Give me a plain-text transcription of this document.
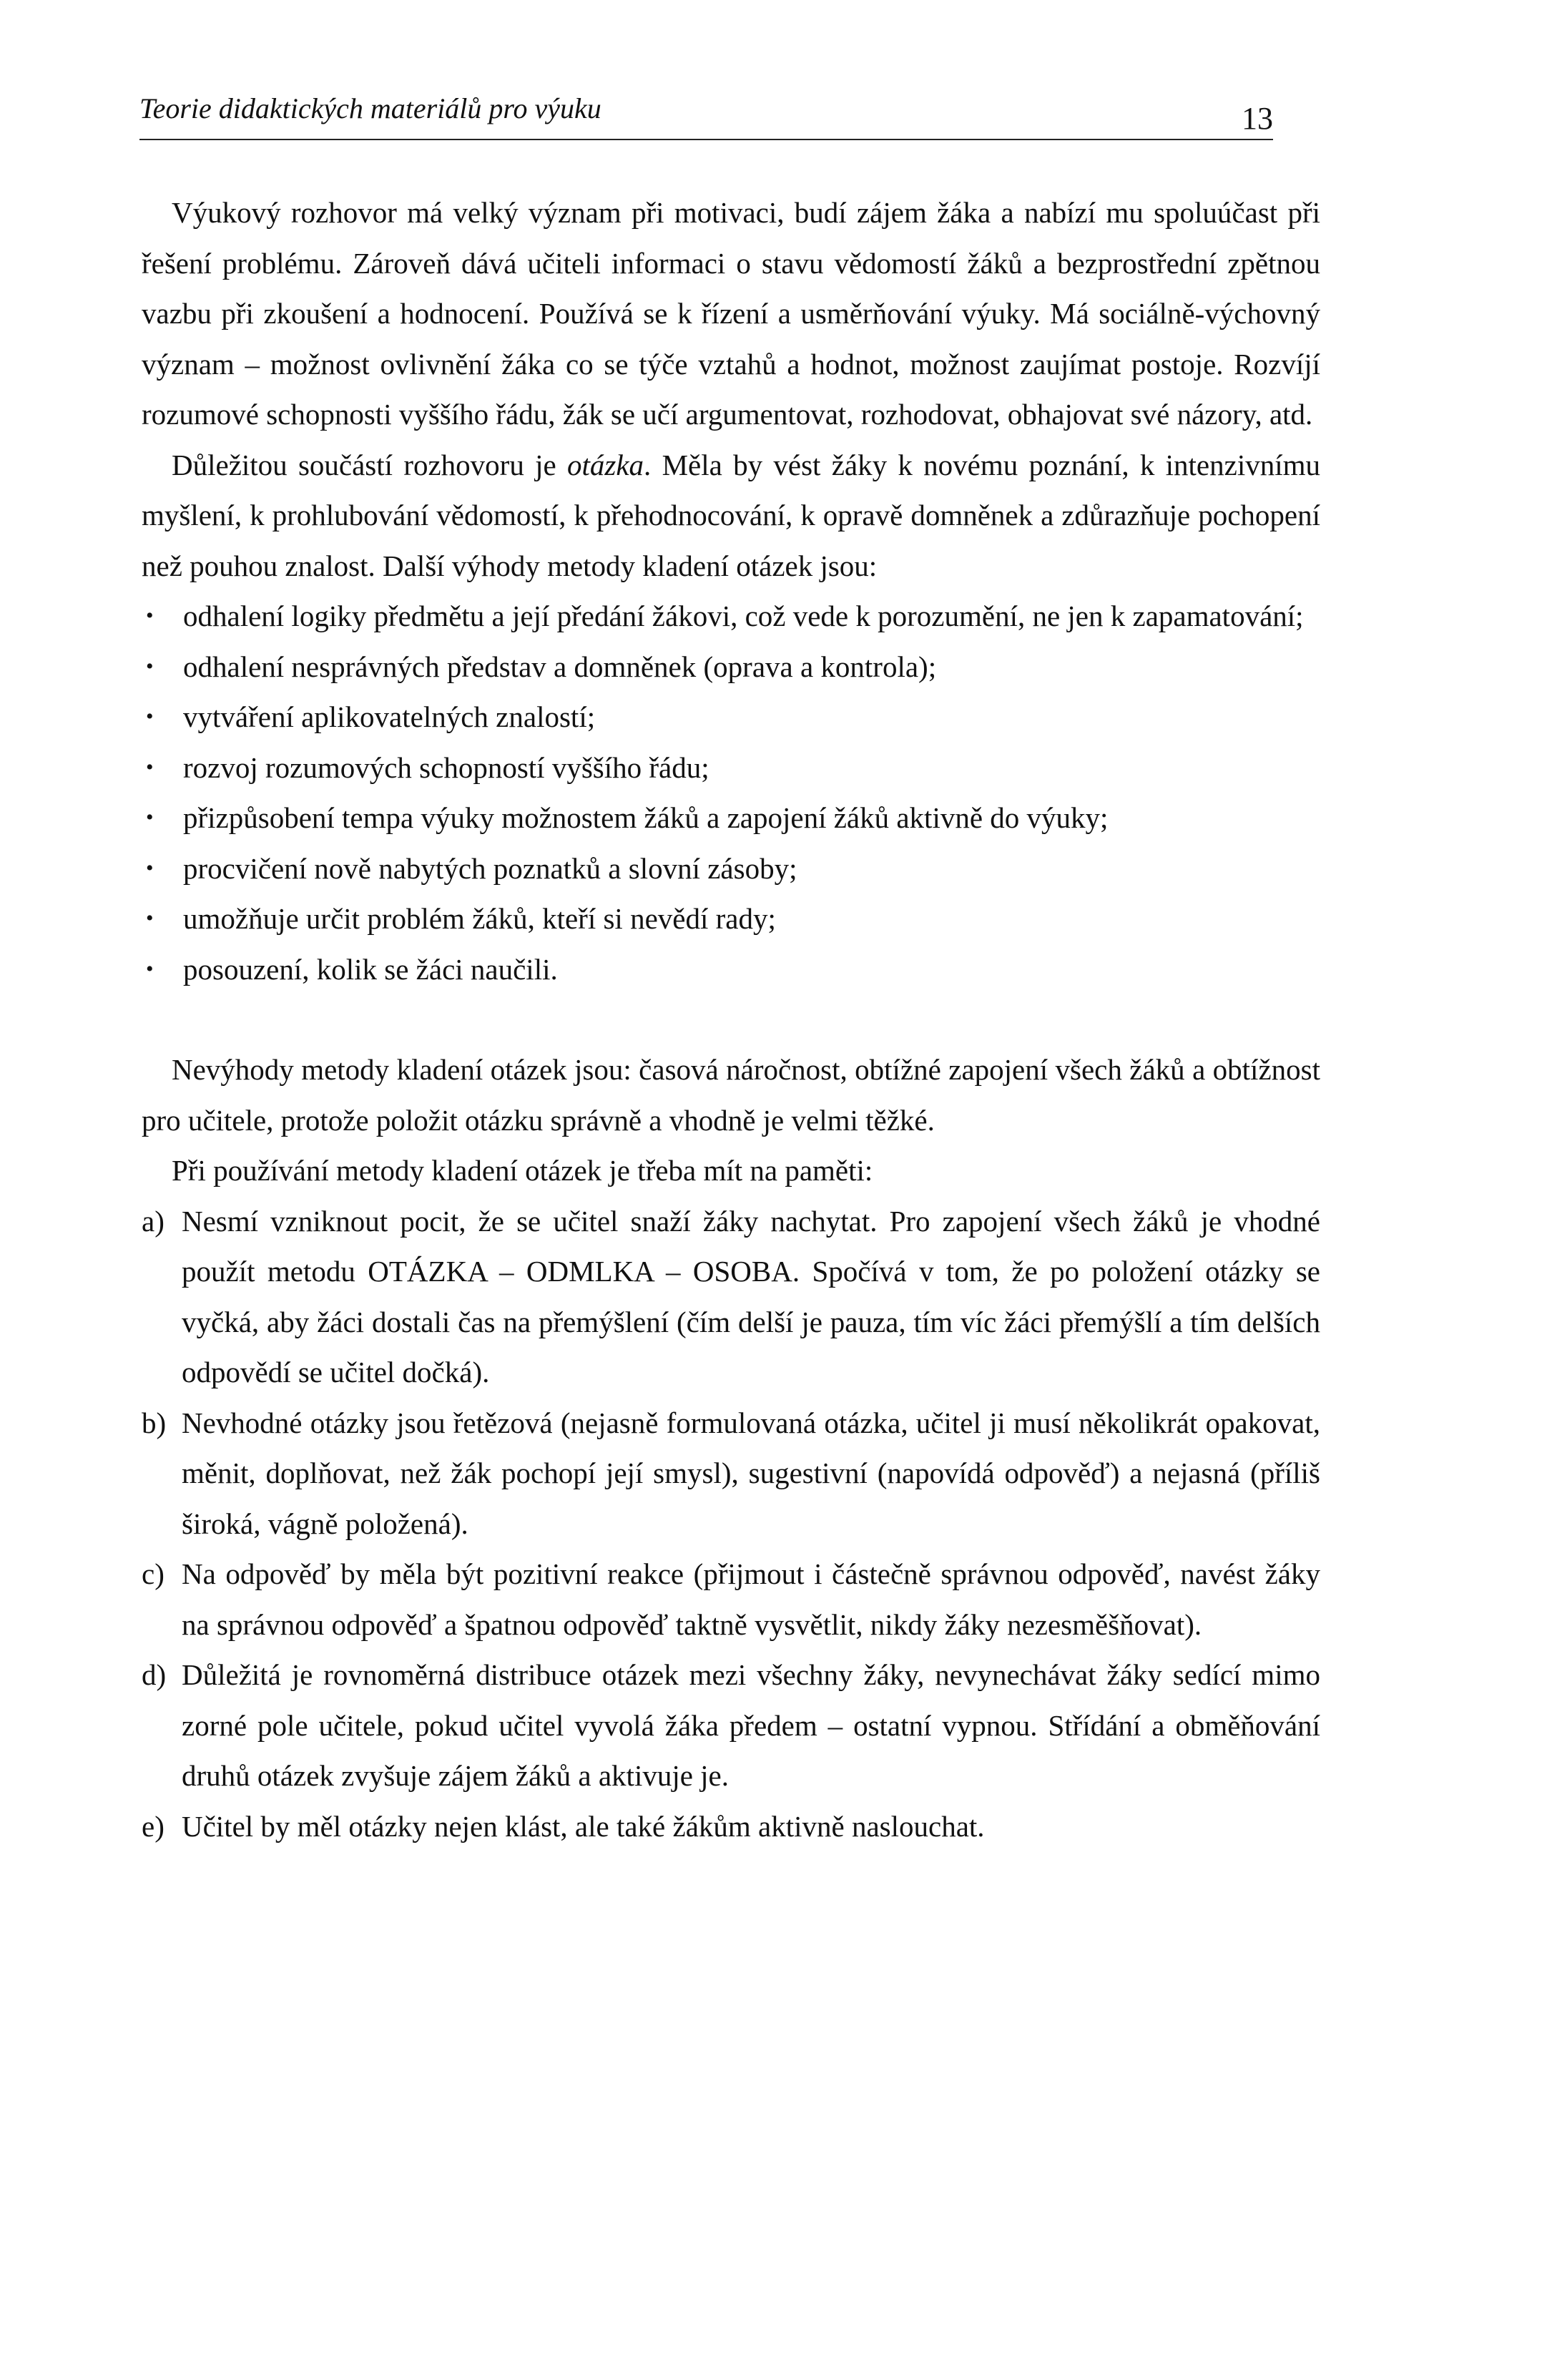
Teorie didaktických materiálů pro výuku	13

Výukový rozhovor má velký význam při motivaci, budí zájem žáka a nabízí mu spoluúčast při řešení problému. Zároveň dává učiteli informaci o stavu vědomostí žáků a bezprostřední zpětnou vazbu při zkoušení a hodnocení. Používá se k řízení a usměrňování výuky. Má sociálně-výchovný význam – možnost ovlivnění žáka co se týče vztahů a hodnot, možnost zaujímat postoje. Rozvíjí rozumové schopnosti vyššího řádu, žák se učí argumentovat, rozhodovat, obhajovat své názory, atd.

Důležitou součástí rozhovoru je otázka. Měla by vést žáky k novému poznání, k intenzivnímu myšlení, k prohlubování vědomostí, k přehodnocování, k opravě domněnek a zdůrazňuje pochopení než pouhou znalost. Další výhody metody kladení otázek jsou:

• odhalení logiky předmětu a její předání žákovi, což vede k porozumění, ne jen k zapamatování;
• odhalení nesprávných představ a domněnek (oprava a kontrola);
• vytváření aplikovatelných znalostí;
• rozvoj rozumových schopností vyššího řádu;
• přizpůsobení tempa výuky možnostem žáků a zapojení žáků aktivně do výuky;
• procvičení nově nabytých poznatků a slovní zásoby;
• umožňuje určit problém žáků, kteří si nevědí rady;
• posouzení, kolik se žáci naučili.

Nevýhody metody kladení otázek jsou: časová náročnost, obtížné zapojení všech žáků a obtížnost pro učitele, protože položit otázku správně a vhodně je velmi těžké.

Při používání metody kladení otázek je třeba mít na paměti:

a) Nesmí vzniknout pocit, že se učitel snaží žáky nachytat. Pro zapojení všech žáků je vhodné použít metodu OTÁZKA – ODMLKA – OSOBA. Spočívá v tom, že po položení otázky se vyčká, aby žáci dostali čas na přemýšlení (čím delší je pauza, tím víc žáci přemýšlí a tím delších odpovědí se učitel dočká).
b) Nevhodné otázky jsou řetězová (nejasně formulovaná otázka, učitel ji musí několikrát opakovat, měnit, doplňovat, než žák pochopí její smysl), sugestivní (napovídá odpověď) a nejasná (příliš široká, vágně položená).
c) Na odpověď by měla být pozitivní reakce (přijmout i částečně správnou odpověď, navést žáky na správnou odpověď a špatnou odpověď taktně vysvětlit, nikdy žáky nezesměšňovat).
d) Důležitá je rovnoměrná distribuce otázek mezi všechny žáky, nevynechávat žáky sedící mimo zorné pole učitele, pokud učitel vyvolá žáka předem – ostatní vypnou. Střídání a obměňování druhů otázek zvyšuje zájem žáků a aktivuje je.
e) Učitel by měl otázky nejen klást, ale také žákům aktivně naslouchat.
